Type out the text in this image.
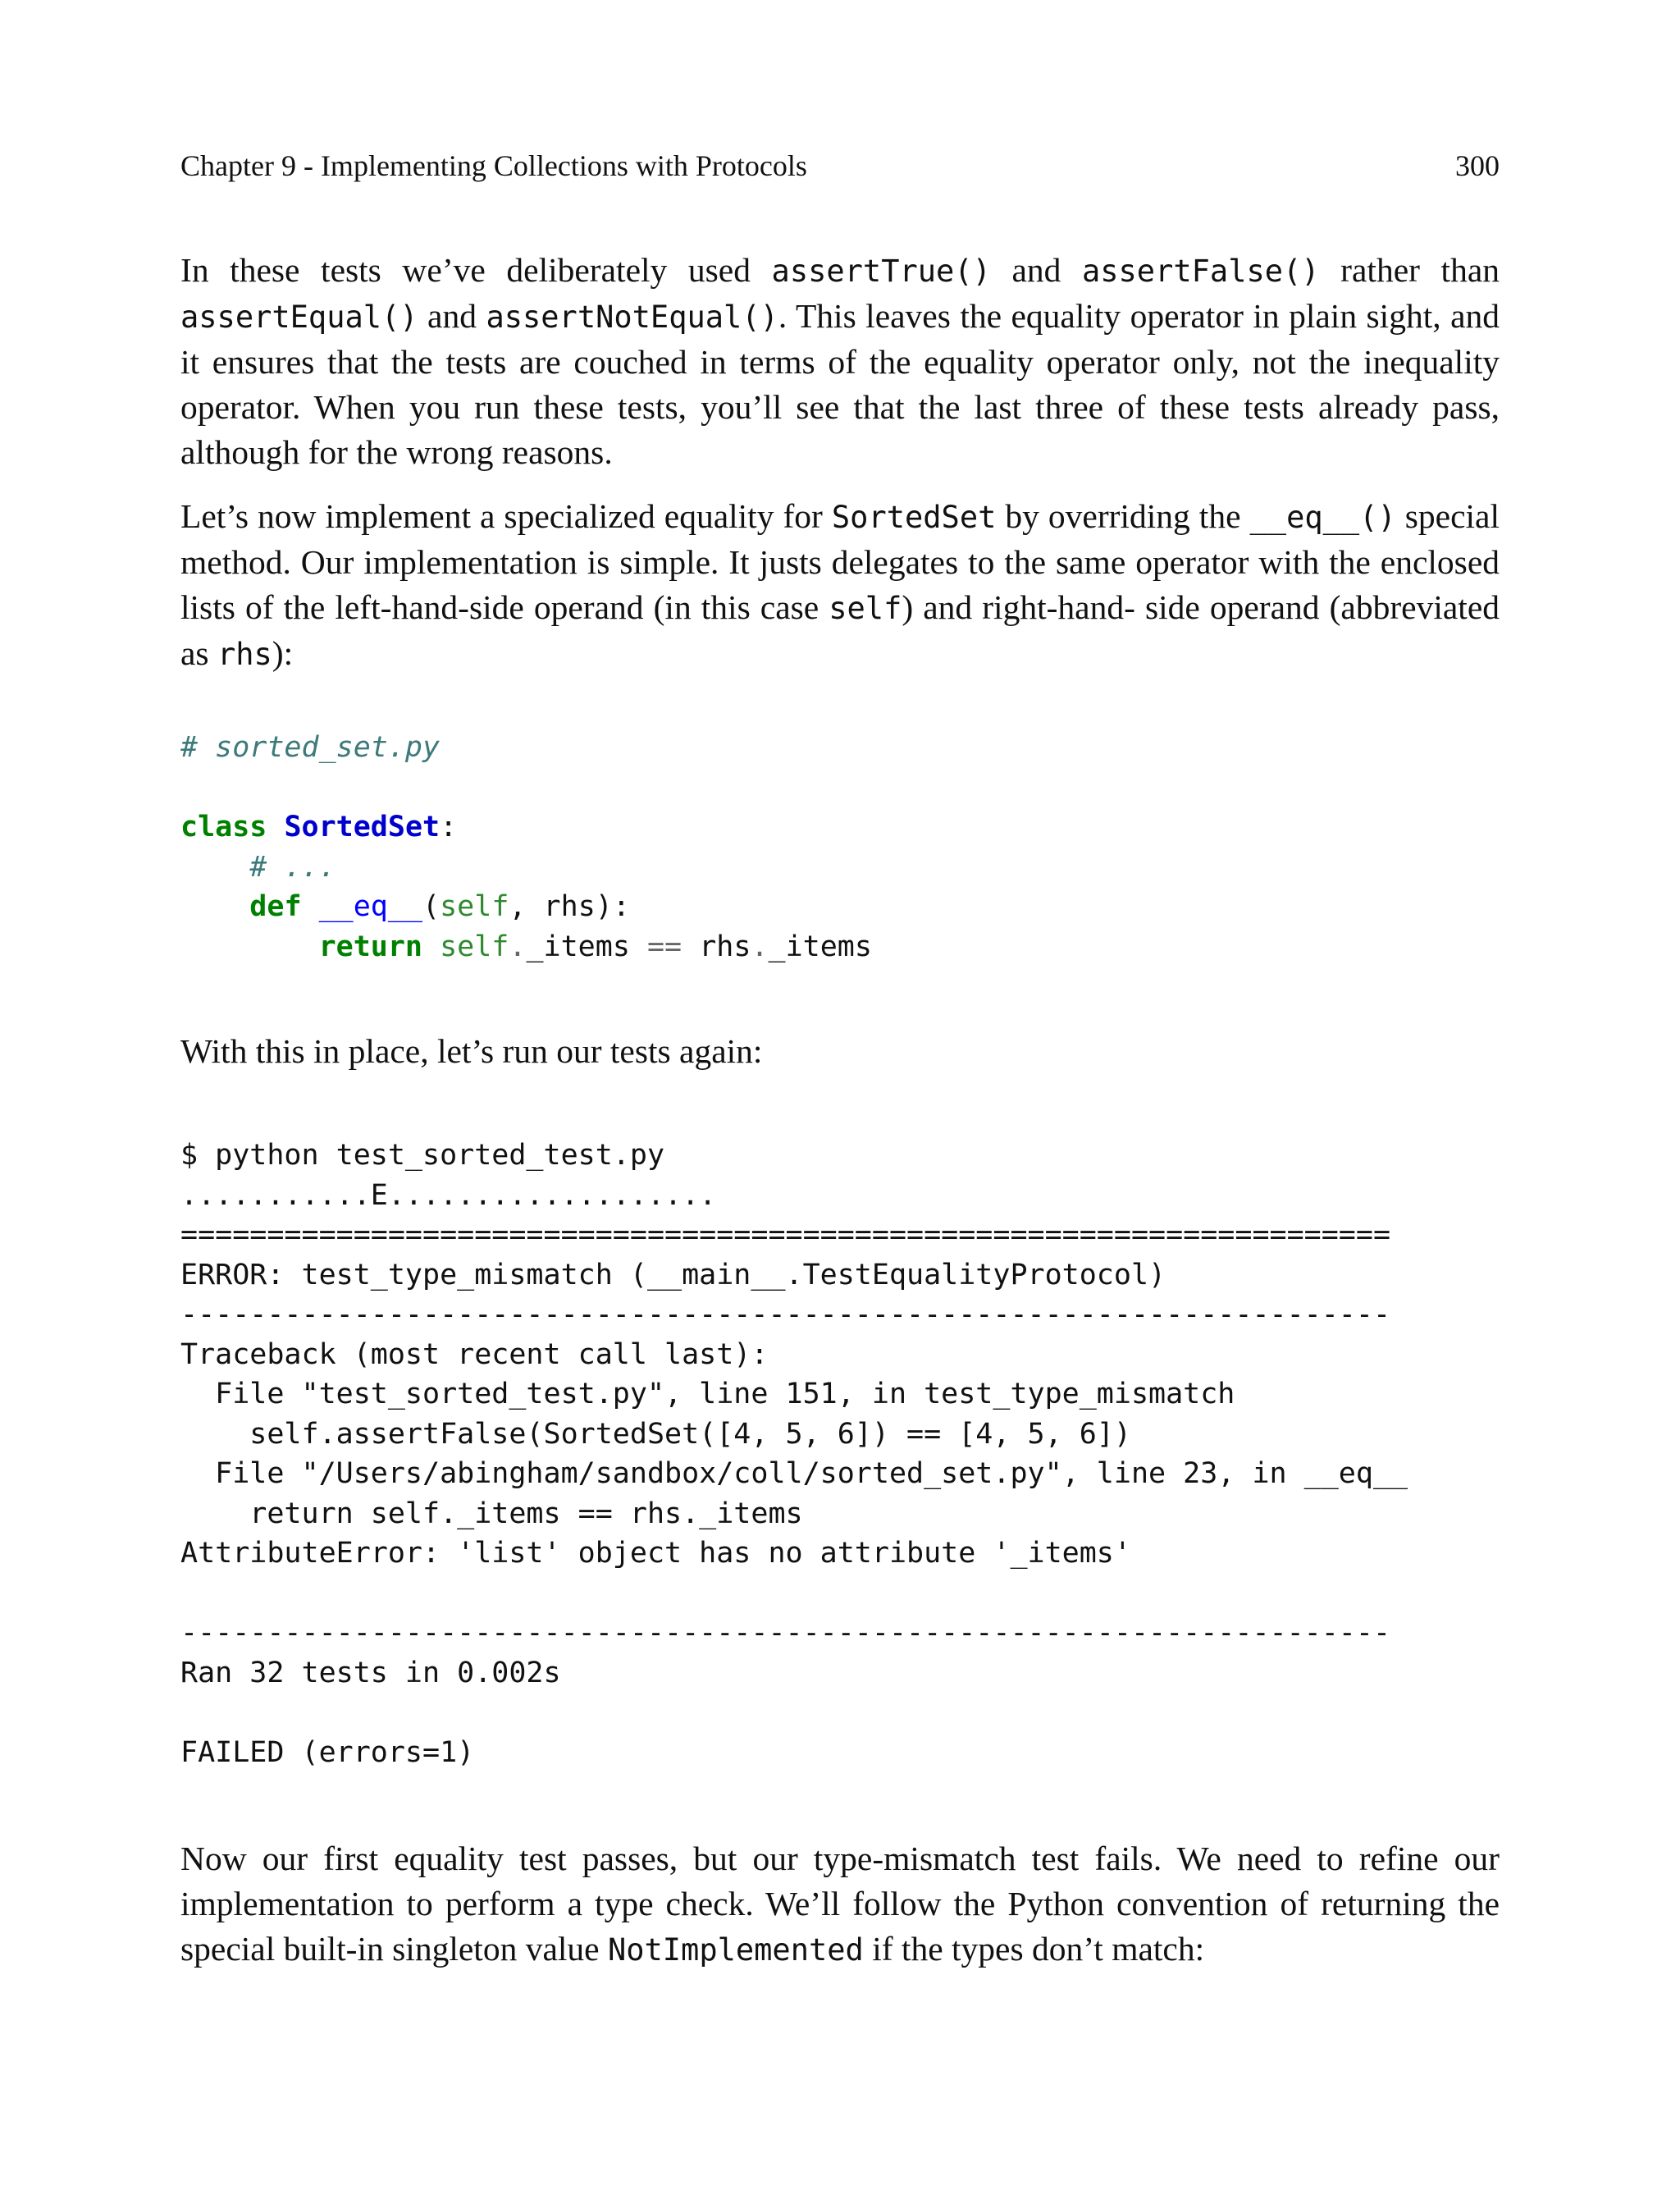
Chapter 9 - Implementing Collections with Protocols	300

In these tests we’ve deliberately used assertTrue() and assertFalse() rather than assertEqual() and assertNotEqual(). This leaves the equality operator in plain sight, and it ensures that the tests are couched in terms of the equality operator only, not the inequality operator. When you run these tests, you’ll see that the last three of these tests already pass, although for the wrong reasons.

Let’s now implement a specialized equality for SortedSet by overriding the __eq__() special method. Our implementation is simple. It justs delegates to the same operator with the enclosed lists of the left-hand-side operand (in this case self) and right-hand- side operand (abbreviated as rhs):

# sorted_set.py
class SortedSet:
# ...
def __eq__(self, rhs):
return self._items == rhs._items

With this in place, let’s run our tests again:

$ python test_sorted_test.py
...........E...................
======================================================================
ERROR: test_type_mismatch (__main__.TestEqualityProtocol)
----------------------------------------------------------------------
Traceback (most recent call last):
File "test_sorted_test.py", line 151, in test_type_mismatch
self.assertFalse(SortedSet([4, 5, 6]) == [4, 5, 6])
File "/Users/abingham/sandbox/coll/sorted_set.py", line 23, in __eq__
return self._items == rhs._items
AttributeError: 'list' object has no attribute '_items'
----------------------------------------------------------------------
Ran 32 tests in 0.002s
FAILED (errors=1)

Now our first equality test passes, but our type-mismatch test fails. We need to refine our implementation to perform a type check. We’ll follow the Python convention of returning the special built-in singleton value NotImplemented if the types don’t match:
